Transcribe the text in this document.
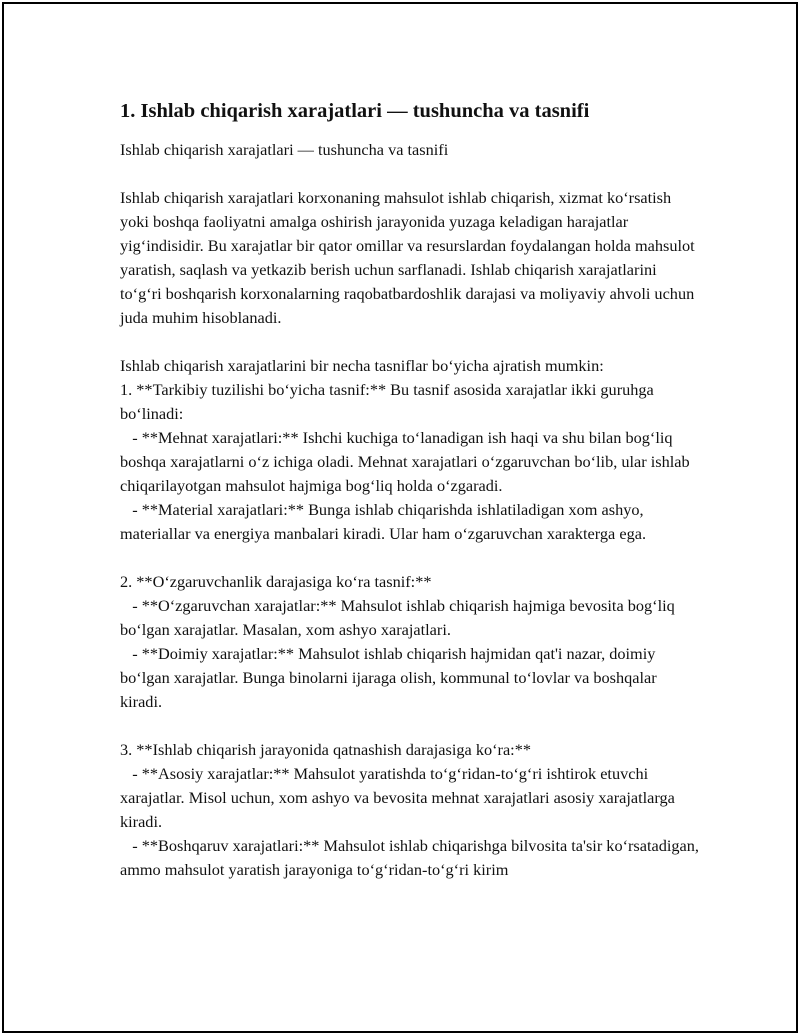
1. Ishlab chiqarish xarajatlari — tushuncha va tasnifi

Ishlab chiqarish xarajatlari — tushuncha va tasnifi

Ishlab chiqarish xarajatlari korxonaning mahsulot ishlab chiqarish, xizmat ko‘rsatish yoki boshqa faoliyatni amalga oshirish jarayonida yuzaga keladigan harajatlar yig‘indisidir. Bu xarajatlar bir qator omillar va resurslardan foydalangan holda mahsulot yaratish, saqlash va yetkazib berish uchun sarflanadi. Ishlab chiqarish xarajatlarini to‘g‘ri boshqarish korxonalarning raqobatbardoshlik darajasi va moliyaviy ahvoli uchun juda muhim hisoblanadi.

Ishlab chiqarish xarajatlarini bir necha tasniflar bo‘yicha ajratish mumkin:
1. **Tarkibiy tuzilishi bo‘yicha tasnif:** Bu tasnif asosida xarajatlar ikki guruhga bo‘linadi:
- **Mehnat xarajatlari:** Ishchi kuchiga to‘lanadigan ish haqi va shu bilan bog‘liq boshqa xarajatlarni o‘z ichiga oladi. Mehnat xarajatlari o‘zgaruvchan bo‘lib, ular ishlab chiqarilayotgan mahsulot hajmiga bog‘liq holda o‘zgaradi.
- **Material xarajatlari:** Bunga ishlab chiqarishda ishlatiladigan xom ashyo, materiallar va energiya manbalari kiradi. Ular ham o‘zgaruvchan xarakterga ega.

2. **O‘zgaruvchanlik darajasiga ko‘ra tasnif:**
- **O‘zgaruvchan xarajatlar:** Mahsulot ishlab chiqarish hajmiga bevosita bog‘liq bo‘lgan xarajatlar. Masalan, xom ashyo xarajatlari.
- **Doimiy xarajatlar:** Mahsulot ishlab chiqarish hajmidan qat'i nazar, doimiy bo‘lgan xarajatlar. Bunga binolarni ijaraga olish, kommunal to‘lovlar va boshqalar kiradi.

3. **Ishlab chiqarish jarayonida qatnashish darajasiga ko‘ra:**
- **Asosiy xarajatlar:** Mahsulot yaratishda to‘g‘ridan-to‘g‘ri ishtirok etuvchi xarajatlar. Misol uchun, xom ashyo va bevosita mehnat xarajatlari asosiy xarajatlarga kiradi.
- **Boshqaruv xarajatlari:** Mahsulot ishlab chiqarishga bilvosita ta'sir ko‘rsatadigan, ammo mahsulot yaratish jarayoniga to‘g‘ridan-to‘g‘ri kirim
